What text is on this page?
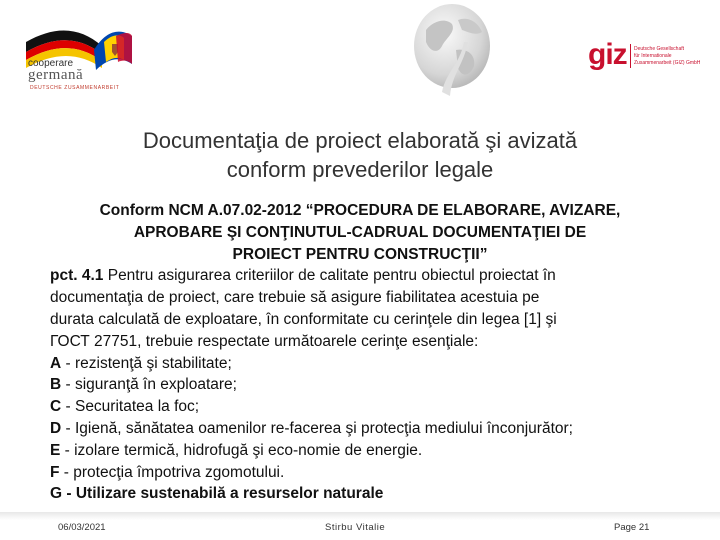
cooperare
germană
DEUTSCHE ZUSAMMENARBEIT
giz Deutsche Gesellschaft
für Internationale
Zusammenarbeit (GIZ) GmbH
Documentaţia de proiect elaborată şi avizată
conform prevederilor legale
Conform NCM A.07.02-2012 “PROCEDURA DE ELABORARE, AVIZARE,
APROBARE ŞI CONŢINUTUL-CADRUAL DOCUMENTAŢIEI DE
PROIECT PENTRU CONSTRUCŢII”
pct. 4.1 Pentru asigurarea criteriilor de calitate pentru obiectul proiectat în
documentaţia de proiect, care trebuie să asigure fiabilitatea acestuia pe
durata calculată de exploatare, în conformitate cu cerinţele din legea [1] şi
ГОСТ 27751, trebuie respectate următoarele cerinţe esenţiale:
A - rezistenţă şi stabilitate;
B - siguranţă în exploatare;
C - Securitatea la foc;
D - Igienă, sănătatea oamenilor re-facerea şi protecţia mediului înconjurător;
E - izolare termică, hidrofugă şi eco-nomie de energie.
F - protecţia împotriva zgomotului.
G - Utilizare sustenabilă a resurselor naturale
06/03/2021	Stirbu Vitalie	Page 21
